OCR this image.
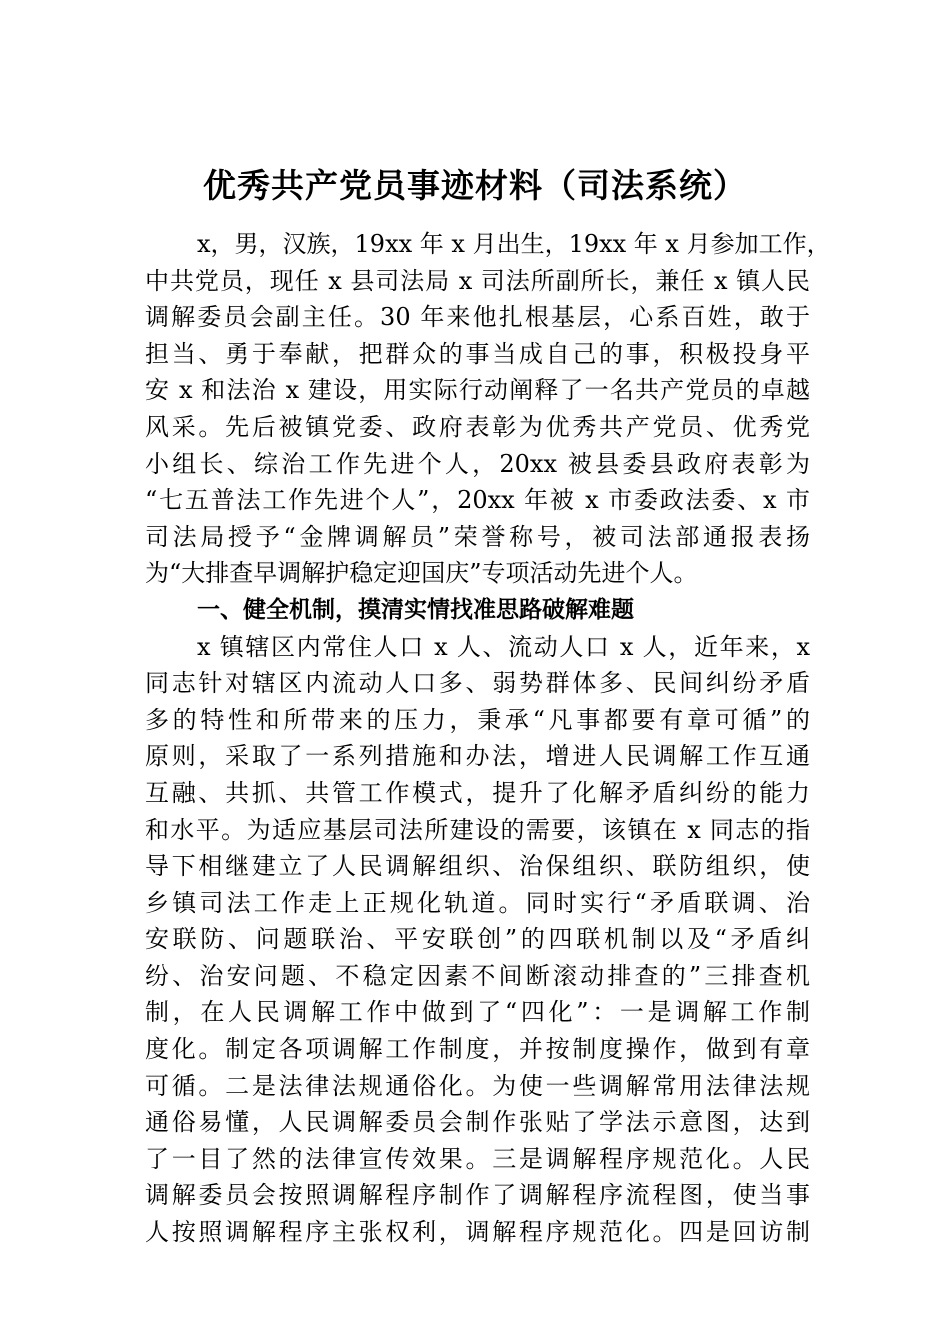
优秀共产党员事迹材料（司法系统）
x，男，汉族，19xx 年 x 月出生，19xx 年 x 月参加工作，
中共党员，现任 x 县司法局 x 司法所副所长，兼任 x 镇人民
调解委员会副主任。30 年来他扎根基层，心系百姓，敢于
担当、勇于奉献，把群众的事当成自己的事，积极投身平
安 x 和法治 x 建设，用实际行动阐释了一名共产党员的卓越
风采。先后被镇党委、政府表彰为优秀共产党员、优秀党
小组长、综治工作先进个人，20xx 被县委县政府表彰为
“七五普法工作先进个人”，20xx 年被 x 市委政法委、x 市
司法局授予“金牌调解员”荣誉称号，被司法部通报表扬
为“大排查早调解护稳定迎国庆”专项活动先进个人。
一、健全机制，摸清实情找准思路破解难题
x 镇辖区内常住人口 x 人、流动人口 x 人，近年来，x
同志针对辖区内流动人口多、弱势群体多、民间纠纷矛盾
多的特性和所带来的压力，秉承“凡事都要有章可循”的
原则，采取了一系列措施和办法，增进人民调解工作互通
互融、共抓、共管工作模式，提升了化解矛盾纠纷的能力
和水平。为适应基层司法所建设的需要，该镇在 x 同志的指
导下相继建立了人民调解组织、治保组织、联防组织，使
乡镇司法工作走上正规化轨道。同时实行“矛盾联调、治
安联防、问题联治、平安联创”的四联机制以及“矛盾纠
纷、治安问题、不稳定因素不间断滚动排查的”三排查机
制，在人民调解工作中做到了“四化”：一是调解工作制
度化。制定各项调解工作制度，并按制度操作，做到有章
可循。二是法律法规通俗化。为使一些调解常用法律法规
通俗易懂，人民调解委员会制作张贴了学法示意图，达到
了一目了然的法律宣传效果。三是调解程序规范化。人民
调解委员会按照调解程序制作了调解程序流程图，使当事
人按照调解程序主张权利，调解程序规范化。四是回访制
